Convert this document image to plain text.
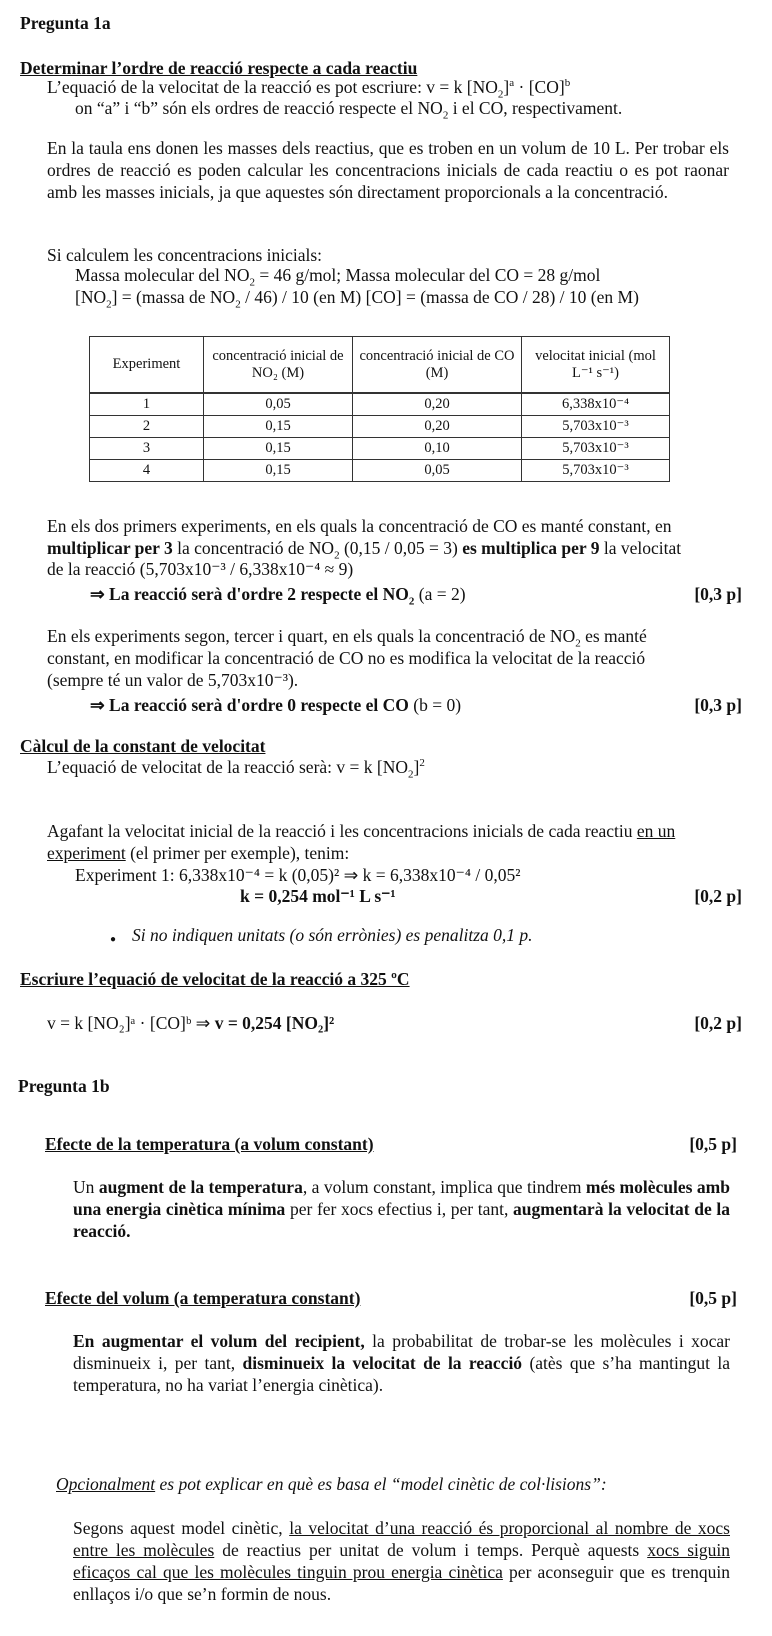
Pregunta 1a
Determinar l’ordre de reacció respecte a cada reactiu
L’equació de la velocitat de la reacció es pot escriure: v = k $[NO_2]^a \cdot [CO]^b$
on “a” i “b” són els ordres de reacció respecte el $NO_2$ i el CO, respectivament.
En la taula ens donen les masses dels reactius, que es troben en un volum de 10 L. Per trobar els ordres de reacció es poden calcular les concentracions inicials de cada reactiu o es pot raonar amb les masses inicials, ja que aquestes són directament proporcionals a la concentració.
Si calculem les concentracions inicials:
Massa molecular del $NO_2 = 46$ g/mol; Massa molecular del CO = 28 g/mol
$[NO_2]$ = (massa de $NO_2 / 46) / 10$ (en M) [CO] = (massa de CO / 28) / 10 (en M)
Experiment	concentració inicial de NO₂ (M)	concentració inicial de CO (M)	velocitat inicial (mol L⁻¹ s⁻¹)
1	0,05	0,20	6,338x10⁻⁴
2	0,15	0,20	5,703x10⁻³
3	0,15	0,10	5,703x10⁻³
4	0,15	0,05	5,703x10⁻³
En els dos primers experiments, en els quals la concentració de CO es manté constant, en
multiplicar per 3 la concentració de $NO_2$ (0,15 / 0,05 = 3) es multiplica per 9 la velocitat
de la reacció (5,703x10⁻³ / 6,338x10⁻⁴ ≈ 9)
⇒ La reacció serà d'ordre 2 respecte el $NO_2$ (a = 2)	[0,3 p]
En els experiments segon, tercer i quart, en els quals la concentració de $NO_2$ es manté
constant, en modificar la concentració de CO no es modifica la velocitat de la reacció
(sempre té un valor de 5,703x10⁻³).
⇒ La reacció serà d'ordre 0 respecte el CO (b = 0)	[0,3 p]
Càlcul de la constant de velocitat
L’equació de velocitat de la reacció serà: v = k $[NO_2]^2$
Agafant la velocitat inicial de la reacció i les concentracions inicials de cada reactiu en un
experiment (el primer per exemple), tenim:
Experiment 1: 6,338x10⁻⁴ = k (0,05)² ⇒ k = 6,338x10⁻⁴ / 0,05²
k = 0,254 mol⁻¹ L s⁻¹	[0,2 p]
● Si no indiquen unitats (o són errònies) es penalitza 0,1 p.
Escriure l’equació de velocitat de la reacció a 325 ºC
v = k [NO₂]ᵃ · [CO]ᵇ ⇒ v = 0,254 [NO₂]²	[0,2 p]
Pregunta 1b
Efecte de la temperatura (a volum constant)	[0,5 p]
Un augment de la temperatura, a volum constant, implica que tindrem més molècules amb una energia cinètica mínima per fer xocs efectius i, per tant, augmentarà la velocitat de la reacció.
Efecte del volum (a temperatura constant)	[0,5 p]
En augmentar el volum del recipient, la probabilitat de trobar-se les molècules i xocar disminueix i, per tant, disminueix la velocitat de la reacció (atès que s’ha mantingut la temperatura, no ha variat l’energia cinètica).
Opcionalment es pot explicar en què es basa el “model cinètic de col·lisions”:
Segons aquest model cinètic, la velocitat d’una reacció és proporcional al nombre de xocs entre les molècules de reactius per unitat de volum i temps. Perquè aquests xocs siguin eficaços cal que les molècules tinguin prou energia cinètica per aconseguir que es trenquin enllaços i/o que se’n formin de nous.
